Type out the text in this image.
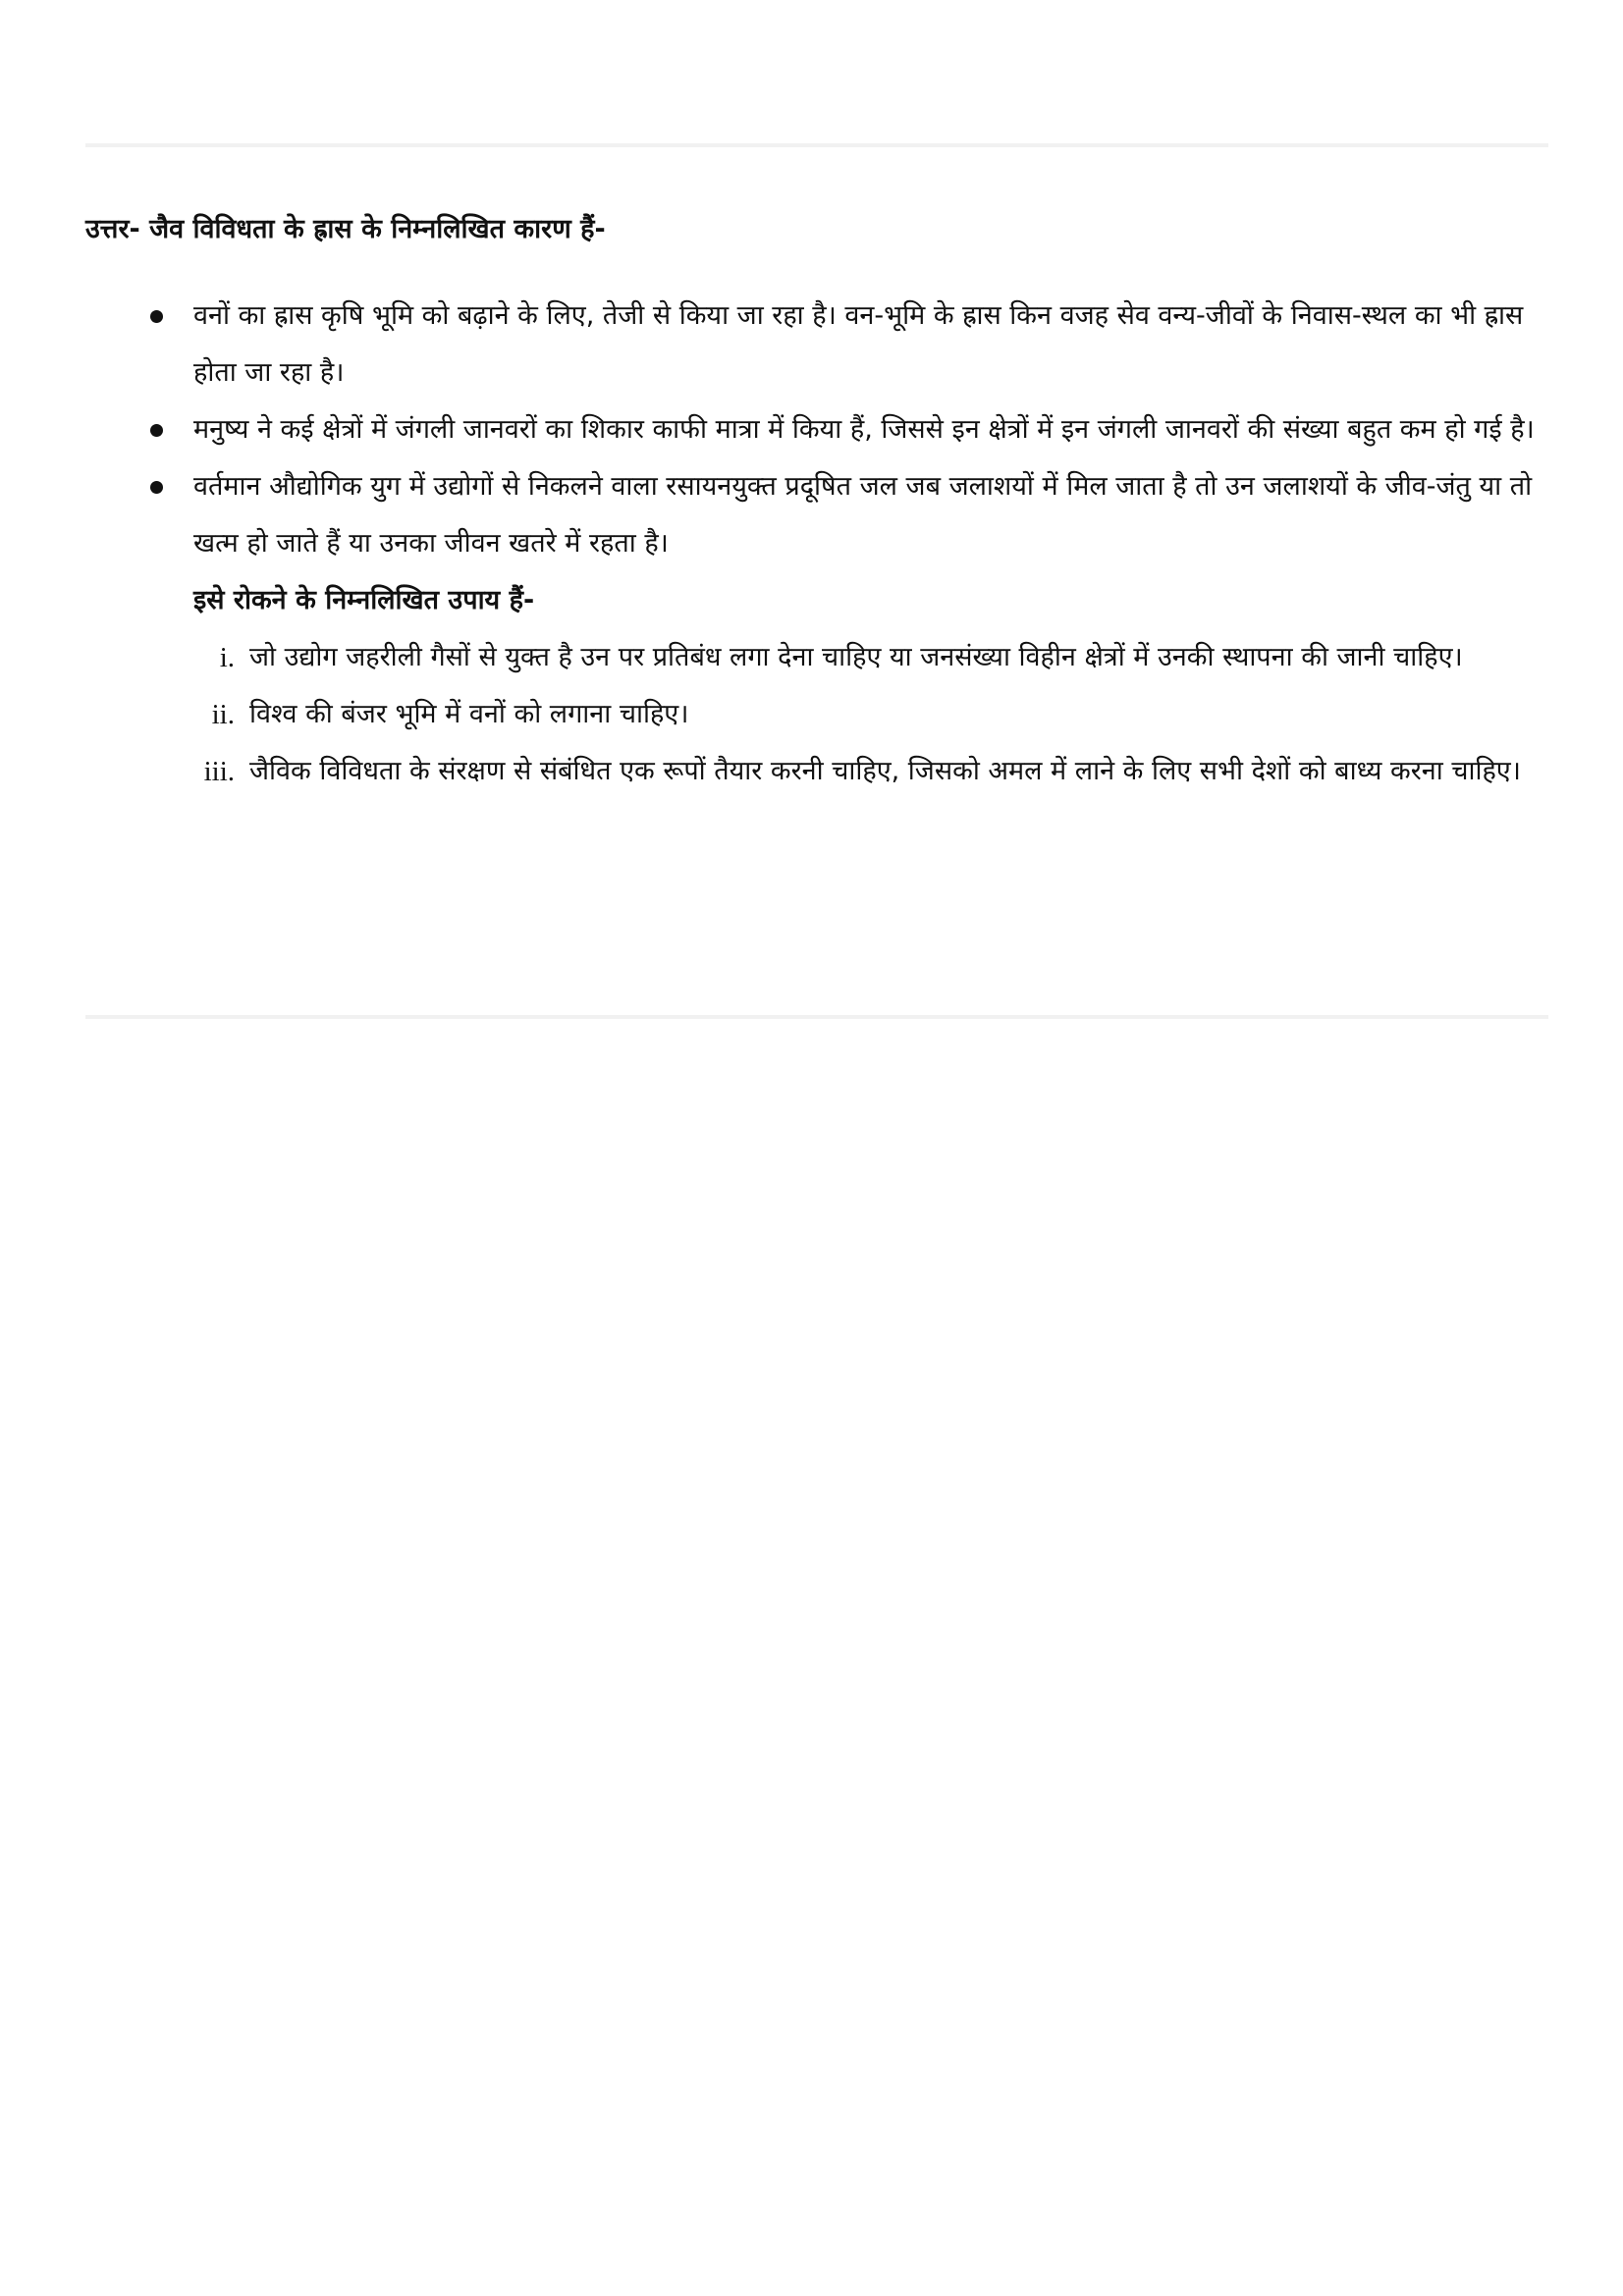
उत्तर- जैव विविधता के ह्रास के निम्नलिखित कारण हैं-
वनों का ह्रास कृषि भूमि को बढ़ाने के लिए, तेजी से किया जा रहा है। वन-भूमि के ह्रास किन वजह सेव वन्य-जीवों के निवास-स्थल का भी ह्रास होता जा रहा है।
मनुष्य ने कई क्षेत्रों में जंगली जानवरों का शिकार काफी मात्रा में किया हैं, जिससे इन क्षेत्रों में इन जंगली जानवरों की संख्या बहुत कम हो गई है।
वर्तमान औद्योगिक युग में उद्योगों से निकलने वाला रसायनयुक्त प्रदूषित जल जब जलाशयों में मिल जाता है तो उन जलाशयों के जीव-जंतु या तो खत्म हो जाते हैं या उनका जीवन खतरे में रहता है।
इसे रोकने के निम्नलिखित उपाय हैं-
i. जो उद्योग जहरीली गैसों से युक्त है उन पर प्रतिबंध लगा देना चाहिए या जनसंख्या विहीन क्षेत्रों में उनकी स्थापना की जानी चाहिए।
ii. विश्व की बंजर भूमि में वनों को लगाना चाहिए।
iii. जैविक विविधता के संरक्षण से संबंधित एक रूपों तैयार करनी चाहिए, जिसको अमल में लाने के लिए सभी देशों को बाध्य करना चाहिए।
